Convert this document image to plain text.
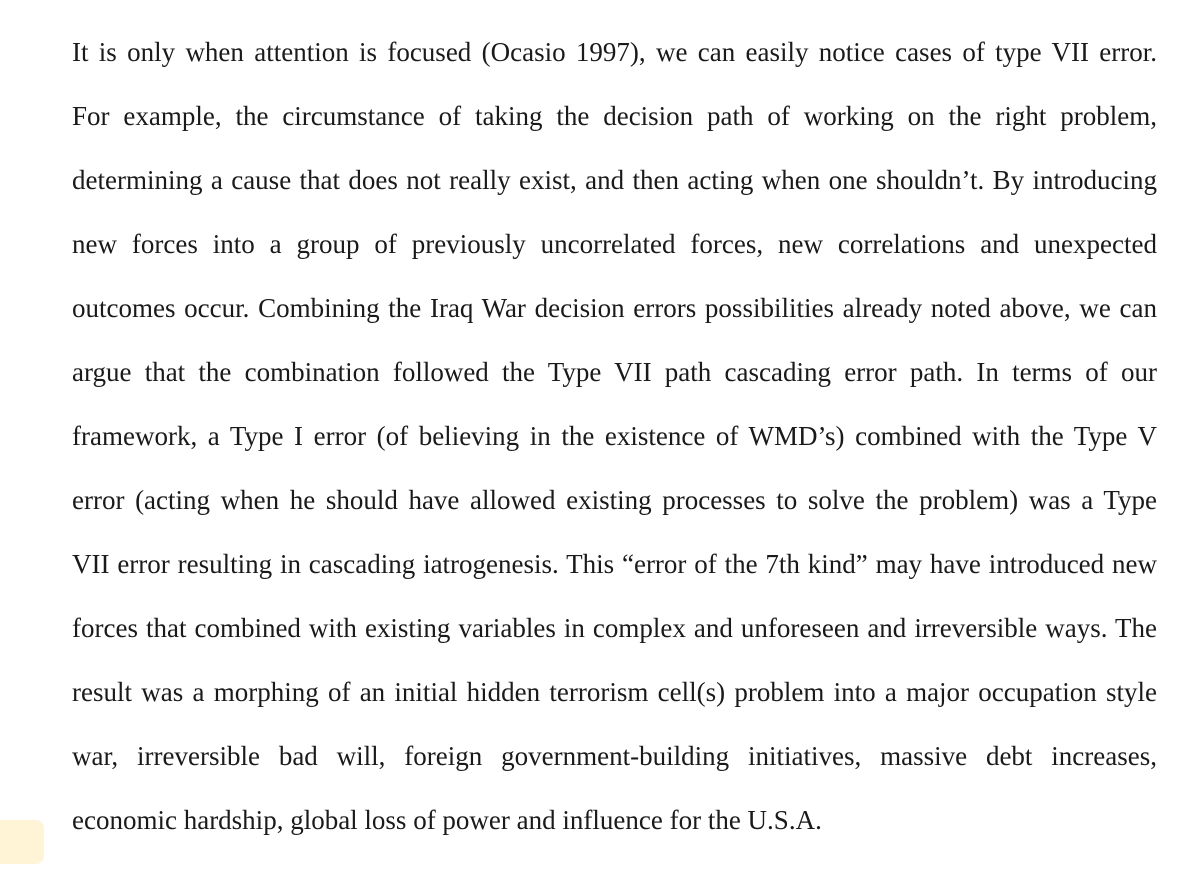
It is only when attention is focused (Ocasio 1997), we can easily notice cases of type VII error.
For example, the circumstance of taking the decision path of working on the right problem,
determining a cause that does not really exist, and then acting when one shouldn’t. By introducing
new forces into a group of previously uncorrelated forces, new correlations and unexpected
outcomes occur. Combining the Iraq War decision errors possibilities already noted above, we can
argue that the combination followed the Type VII path cascading error path. In terms of our
framework, a Type I error (of believing in the existence of WMD’s) combined with the Type V
error (acting when he should have allowed existing processes to solve the problem) was a Type
VII error resulting in cascading iatrogenesis. This “error of the 7th kind” may have introduced new
forces that combined with existing variables in complex and unforeseen and irreversible ways. The
result was a morphing of an initial hidden terrorism cell(s) problem into a major occupation style
war, irreversible bad will, foreign government-building initiatives, massive debt increases,
economic hardship, global loss of power and influence for the U.S.A.
